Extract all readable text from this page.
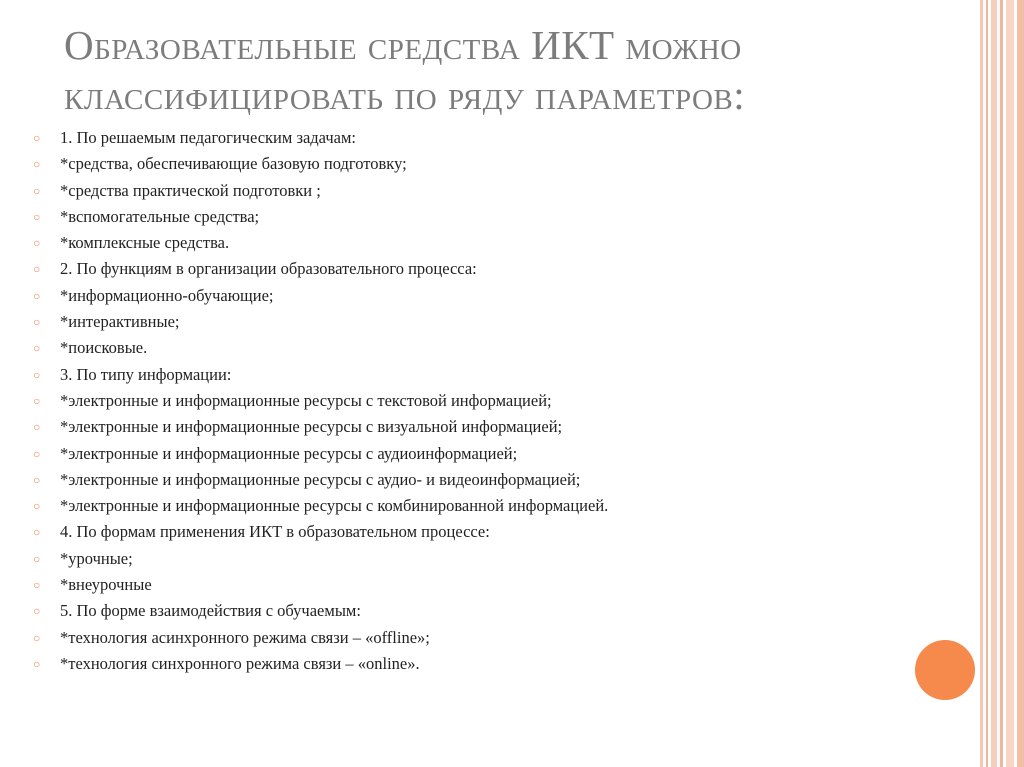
Образовательные средства ИКТ можно
классифицировать по ряду параметров:
○ 1. По решаемым педагогическим задачам:
○ *средства, обеспечивающие базовую подготовку;
○ *средства практической подготовки ;
○ *вспомогательные средства;
○ *комплексные средства.
○ 2. По функциям в организации образовательного процесса:
○ *информационно-обучающие;
○ *интерактивные;
○ *поисковые.
○ 3. По типу информации:
○ *электронные и информационные ресурсы с текстовой информацией;
○ *электронные и информационные ресурсы с визуальной информацией;
○ *электронные и информационные ресурсы с аудиоинформацией;
○ *электронные и информационные ресурсы с аудио- и видеоинформацией;
○ *электронные и информационные ресурсы с комбинированной информацией.
○ 4. По формам применения ИКТ в образовательном процессе:
○ *урочные;
○ *внеурочные
○ 5. По форме взаимодействия с обучаемым:
○ *технология асинхронного режима связи – «offline»;
○ *технология синхронного режима связи – «online».
